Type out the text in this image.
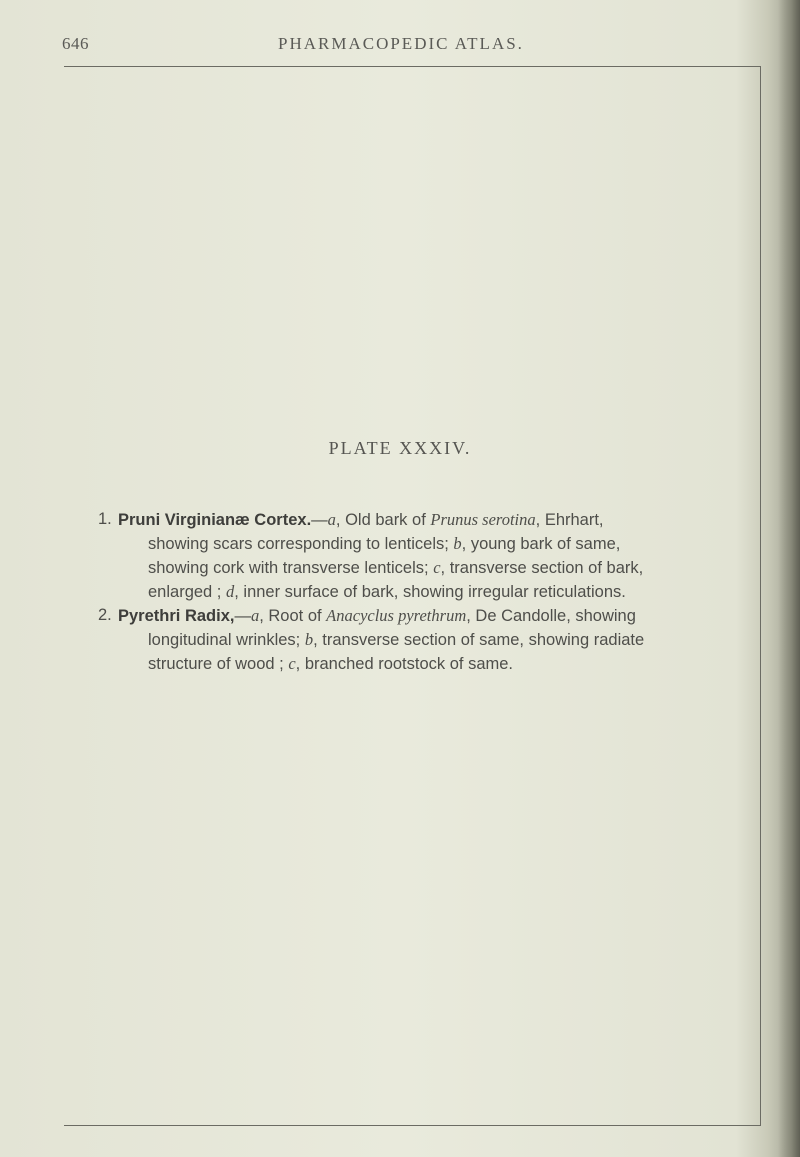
646	PHARMACOPEDIC ATLAS.
PLATE XXXIV.
1. Pruni Virginianæ Cortex.—a, Old bark of Prunus serotina, Ehrhart,
showing scars corresponding to lenticels; b, young bark of same,
showing cork with transverse lenticels; c, transverse section of bark,
enlarged ; d, inner surface of bark, showing irregular reticulations.
2. Pyrethri Radix,—a, Root of Anacyclus pyrethrum, De Candolle, showing
longitudinal wrinkles; b, transverse section of same, showing radiate
structure of wood ; c, branched rootstock of same.
